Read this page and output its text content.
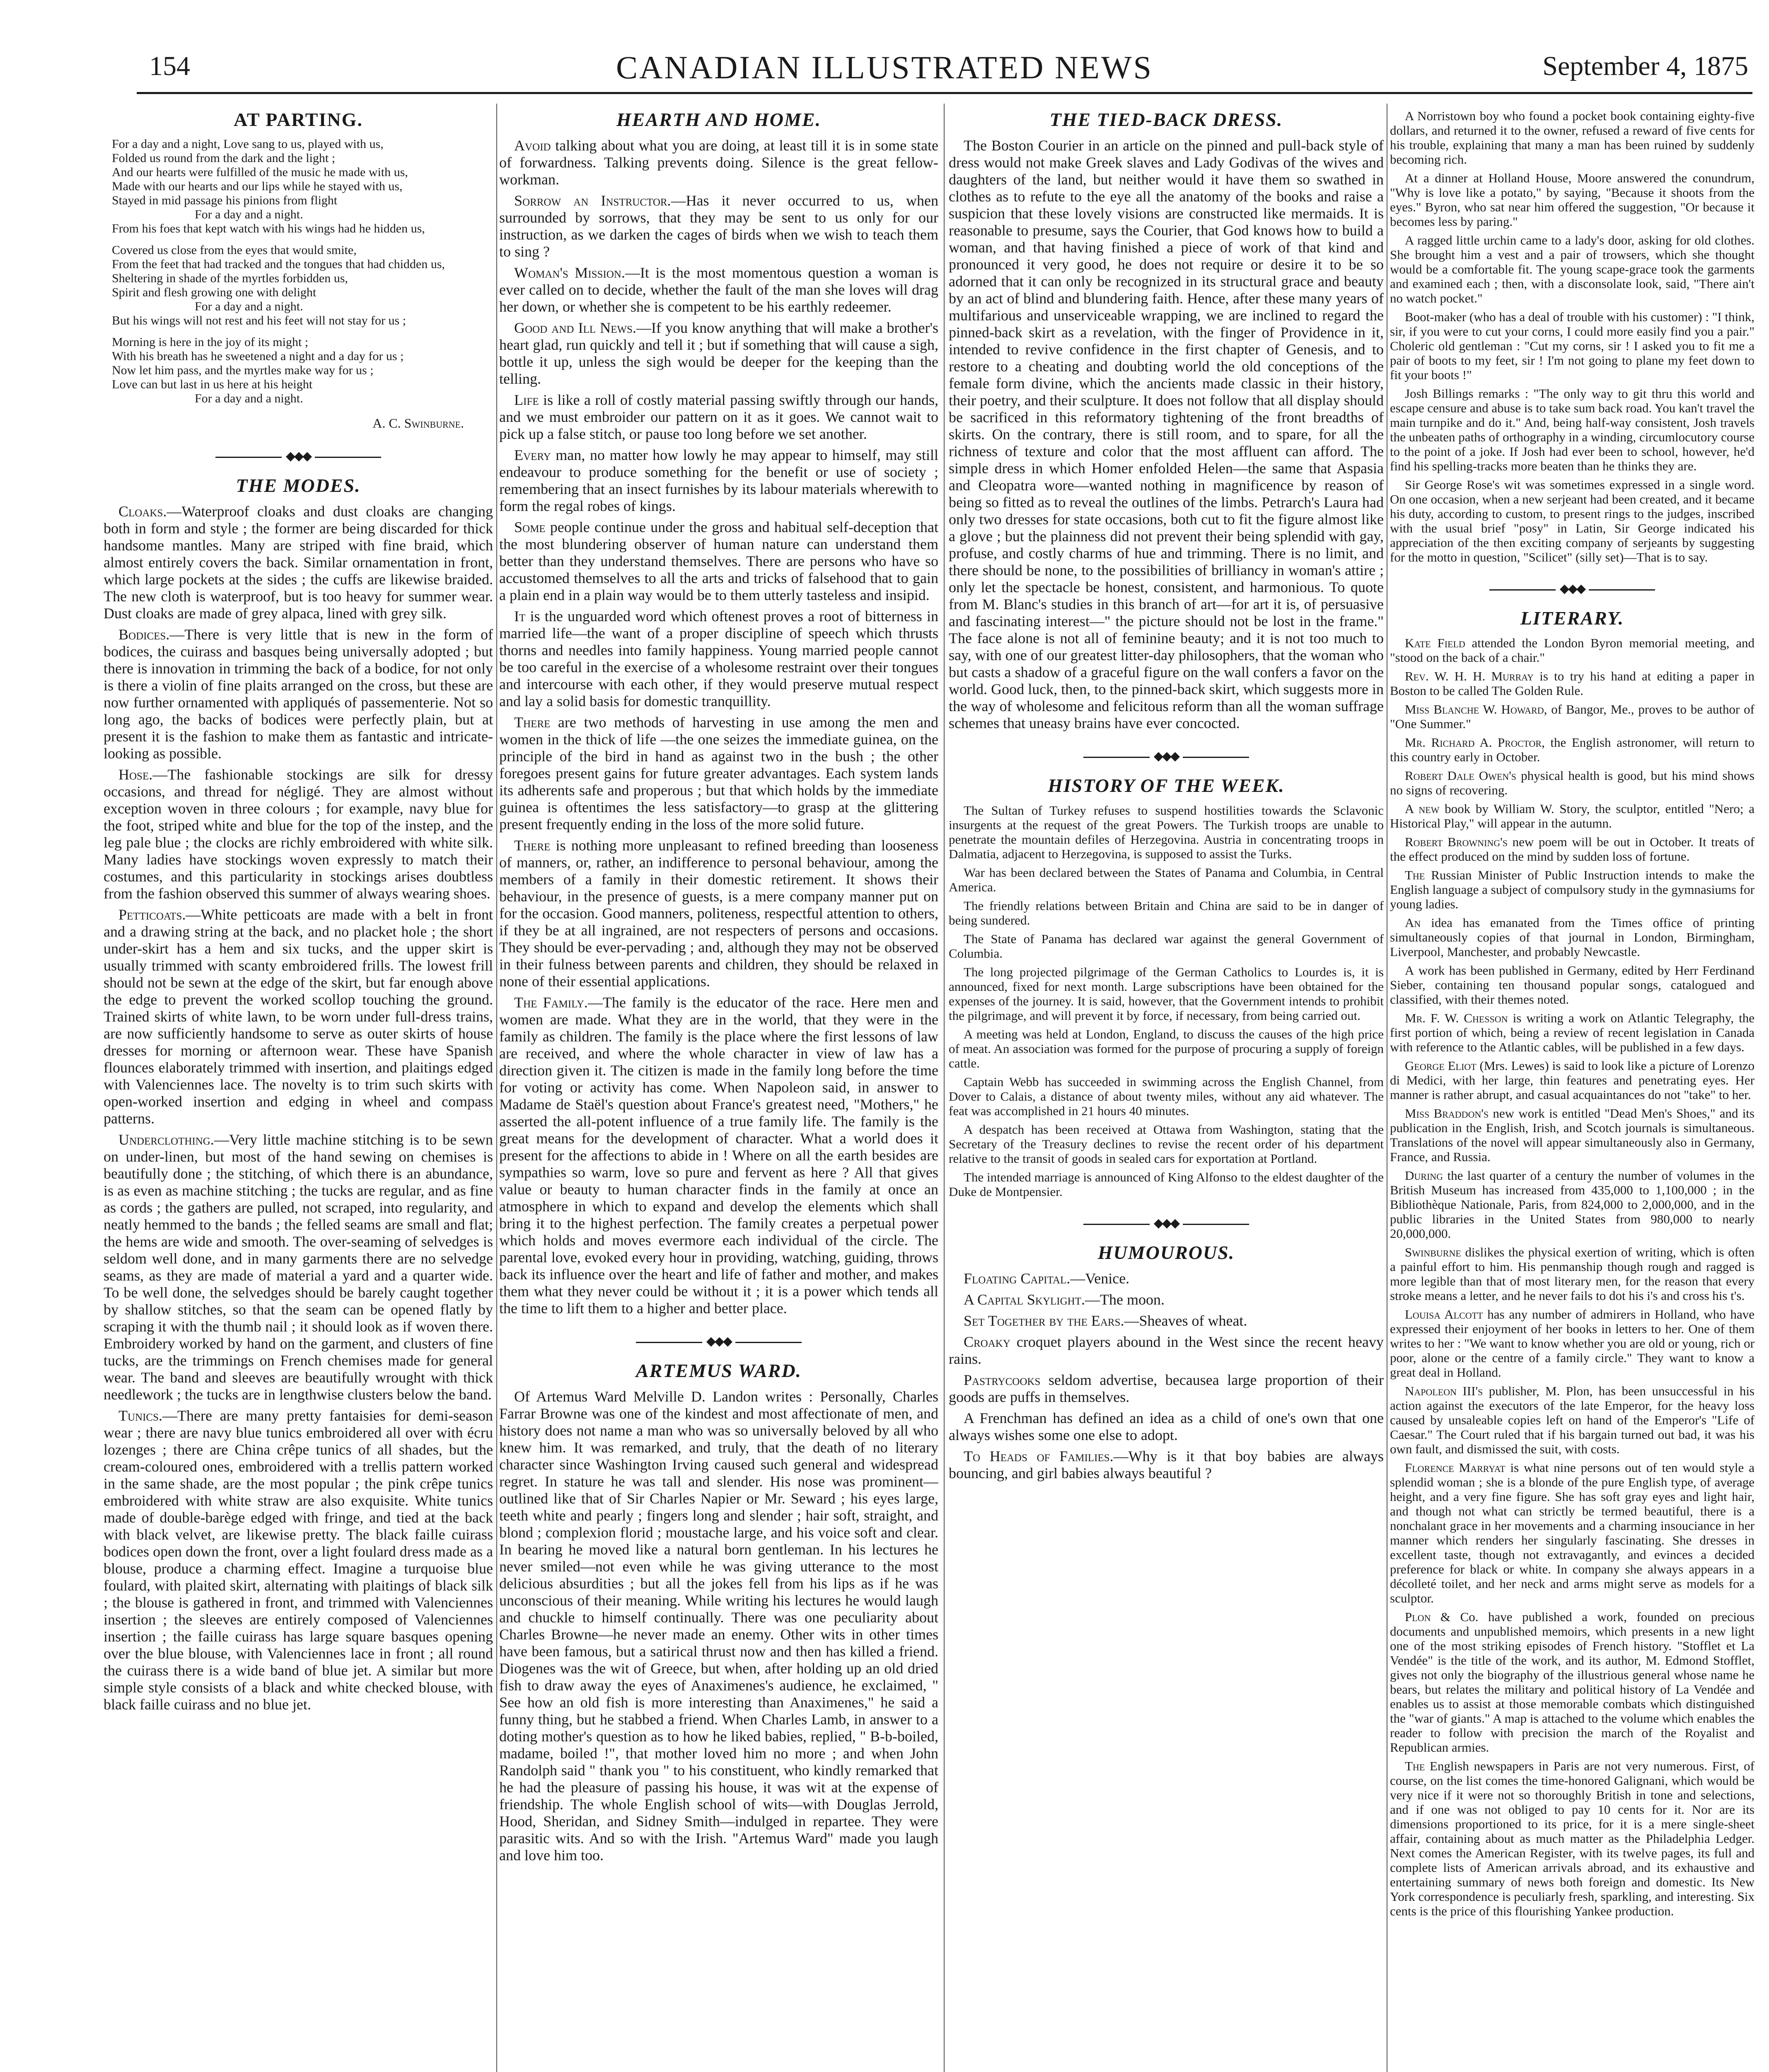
154	CANADIAN ILLUSTRATED NEWS	September 4, 1875
AT PARTING.
For a day and a night, Love sang to us, played with us,
Folded us round from the dark and the light ;
And our hearts were fulfilled of the music he made with us,
Made with our hearts and our lips while he stayed with us,
Stayed in mid passage his pinions from flight
For a day and a night.
From his foes that kept watch with his wings had he hidden us,
Covered us close from the eyes that would smite,
From the feet that had tracked and the tongues that had chidden us,
Sheltering in shade of the myrtles forbidden us,
Spirit and flesh growing one with delight
For a day and a night.
But his wings will not rest and his feet will not stay for us ;
Morning is here in the joy of its might ;
With his breath has he sweetened a night and a day for us ;
Now let him pass, and the myrtles make way for us ;
Love can but last in us here at his height
For a day and a night.
A. C. Swinburne.
◆◆◆
THE MODES.

Cloaks.—Waterproof cloaks and dust cloaks are changing both in form and style ; the former are being discarded for thick handsome mantles. Many are striped with fine braid, which almost entirely covers the back. Similar ornamentation in front, which large pockets at the sides ; the cuffs are likewise braided. The new cloth is waterproof, but is too heavy for summer wear. Dust cloaks are made of grey alpaca, lined with grey silk.

Bodices.—There is very little that is new in the form of bodices, the cuirass and basques being universally adopted ; but there is innovation in trimming the back of a bodice, for not only is there a violin of fine plaits arranged on the cross, but these are now further ornamented with appliqués of passementerie. Not so long ago, the backs of bodices were perfectly plain, but at present it is the fashion to make them as fantastic and intricate-looking as possible.

Hose.—The fashionable stockings are silk for dressy occasions, and thread for négligé. They are almost without exception woven in three colours ; for example, navy blue for the foot, striped white and blue for the top of the instep, and the leg pale blue ; the clocks are richly embroidered with white silk. Many ladies have stockings woven expressly to match their costumes, and this particularity in stockings arises doubtless from the fashion observed this summer of always wearing shoes.

Petticoats.—White petticoats are made with a belt in front and a drawing string at the back, and no placket hole ; the short under-skirt has a hem and six tucks, and the upper skirt is usually trimmed with scanty embroidered frills. The lowest frill should not be sewn at the edge of the skirt, but far enough above the edge to prevent the worked scollop touching the ground. Trained skirts of white lawn, to be worn under full-dress trains, are now sufficiently handsome to serve as outer skirts of house dresses for morning or afternoon wear. These have Spanish flounces elaborately trimmed with insertion, and plaitings edged with Valenciennes lace. The novelty is to trim such skirts with open-worked insertion and edging in wheel and compass patterns.

Underclothing.—Very little machine stitching is to be sewn on under-linen, but most of the hand sewing on chemises is beautifully done ; the stitching, of which there is an abundance, is as even as machine stitching ; the tucks are regular, and as fine as cords ; the gathers are pulled, not scraped, into regularity, and neatly hemmed to the bands ; the felled seams are small and flat; the hems are wide and smooth. The over-seaming of selvedges is seldom well done, and in many garments there are no selvedge seams, as they are made of material a yard and a quarter wide. To be well done, the selvedges should be barely caught together by shallow stitches, so that the seam can be opened flatly by scraping it with the thumb nail ; it should look as if woven there. Embroidery worked by hand on the garment, and clusters of fine tucks, are the trimmings on French chemises made for general wear. The band and sleeves are beautifully wrought with thick needlework ; the tucks are in lengthwise clusters below the band.

Tunics.—There are many pretty fantaisies for demi-season wear ; there are navy blue tunics embroidered all over with écru lozenges ; there are China crêpe tunics of all shades, but the cream-coloured ones, embroidered with a trellis pattern worked in the same shade, are the most popular ; the pink crêpe tunics embroidered with white straw are also exquisite. White tunics made of double-barège edged with fringe, and tied at the back with black velvet, are likewise pretty. The black faille cuirass bodices open down the front, over a light foulard dress made as a blouse, produce a charming effect. Imagine a turquoise blue foulard, with plaited skirt, alternating with plaitings of black silk ; the blouse is gathered in front, and trimmed with Valenciennes insertion ; the sleeves are entirely composed of Valenciennes insertion ; the faille cuirass has large square basques opening over the blue blouse, with Valenciennes lace in front ; all round the cuirass there is a wide band of blue jet. A similar but more simple style consists of a black and white checked blouse, with black faille cuirass and no blue jet.

HEARTH AND HOME.

Avoid talking about what you are doing, at least till it is in some state of forwardness. Talking prevents doing. Silence is the great fellow-workman.

Sorrow an Instructor.—Has it never occurred to us, when surrounded by sorrows, that they may be sent to us only for our instruction, as we darken the cages of birds when we wish to teach them to sing ?

Woman's Mission.—It is the most momentous question a woman is ever called on to decide, whether the fault of the man she loves will drag her down, or whether she is competent to be his earthly redeemer.

Good and Ill News.—If you know anything that will make a brother's heart glad, run quickly and tell it ; but if something that will cause a sigh, bottle it up, unless the sigh would be deeper for the keeping than the telling.

Life is like a roll of costly material passing swiftly through our hands, and we must embroider our pattern on it as it goes. We cannot wait to pick up a false stitch, or pause too long before we set another.

Every man, no matter how lowly he may appear to himself, may still endeavour to produce something for the benefit or use of society ; remembering that an insect furnishes by its labour materials wherewith to form the regal robes of kings.

Some people continue under the gross and habitual self-deception that the most blundering observer of human nature can understand them better than they understand themselves. There are persons who have so accustomed themselves to all the arts and tricks of falsehood that to gain a plain end in a plain way would be to them utterly tasteless and insipid.

It is the unguarded word which oftenest proves a root of bitterness in married life—the want of a proper discipline of speech which thrusts thorns and needles into family happiness. Young married people cannot be too careful in the exercise of a wholesome restraint over their tongues and intercourse with each other, if they would preserve mutual respect and lay a solid basis for domestic tranquillity.

There are two methods of harvesting in use among the men and women in the thick of life —the one seizes the immediate guinea, on the principle of the bird in hand as against two in the bush ; the other foregoes present gains for future greater advantages. Each system lands its adherents safe and properous ; but that which holds by the immediate guinea is oftentimes the less satisfactory—to grasp at the glittering present frequently ending in the loss of the more solid future.

There is nothing more unpleasant to refined breeding than looseness of manners, or, rather, an indifference to personal behaviour, among the members of a family in their domestic retirement. It shows their behaviour, in the presence of guests, is a mere company manner put on for the occasion. Good manners, politeness, respectful attention to others, if they be at all ingrained, are not respecters of persons and occasions. They should be ever-pervading ; and, although they may not be observed in their fulness between parents and children, they should be relaxed in none of their essential applications.

The Family.—The family is the educator of the race. Here men and women are made. What they are in the world, that they were in the family as children. The family is the place where the first lessons of law are received, and where the whole character in view of law has a direction given it. The citizen is made in the family long before the time for voting or activity has come. When Napoleon said, in answer to Madame de Staël's question about France's greatest need, "Mothers," he asserted the all-potent influence of a true family life. The family is the great means for the development of character. What a world does it present for the affections to abide in ! Where on all the earth besides are sympathies so warm, love so pure and fervent as here ? All that gives value or beauty to human character finds in the family at once an atmosphere in which to expand and develop the elements which shall bring it to the highest perfection. The family creates a perpetual power which holds and moves evermore each individual of the circle. The parental love, evoked every hour in providing, watching, guiding, throws back its influence over the heart and life of father and mother, and makes them what they never could be without it ; it is a power which tends all the time to lift them to a higher and better place.

◆◆◆
ARTEMUS WARD.

Of Artemus Ward Melville D. Landon writes : Personally, Charles Farrar Browne was one of the kindest and most affectionate of men, and history does not name a man who was so universally beloved by all who knew him. It was remarked, and truly, that the death of no literary character since Washington Irving caused such general and widespread regret. In stature he was tall and slender. His nose was prominent—outlined like that of Sir Charles Napier or Mr. Seward ; his eyes large, teeth white and pearly ; fingers long and slender ; hair soft, straight, and blond ; complexion florid ; moustache large, and his voice soft and clear. In bearing he moved like a natural born gentleman. In his lectures he never smiled—not even while he was giving utterance to the most delicious absurdities ; but all the jokes fell from his lips as if he was unconscious of their meaning. While writing his lectures he would laugh and chuckle to himself continually. There was one peculiarity about Charles Browne—he never made an enemy. Other wits in other times have been famous, but a satirical thrust now and then has killed a friend. Diogenes was the wit of Greece, but when, after holding up an old dried fish to draw away the eyes of Anaximenes's audience, he exclaimed, " See how an old fish is more interesting than Anaximenes," he said a funny thing, but he stabbed a friend. When Charles Lamb, in answer to a doting mother's question as to how he liked babies, replied, " B-b-boiled, madame, boiled !", that mother loved him no more ; and when John Randolph said " thank you " to his constituent, who kindly remarked that he had the pleasure of passing his house, it was wit at the expense of friendship. The whole English school of wits—with Douglas Jerrold, Hood, Sheridan, and Sidney Smith—indulged in repartee. They were parasitic wits. And so with the Irish. "Artemus Ward" made you laugh and love him too.

THE TIED-BACK DRESS.

The Boston Courier in an article on the pinned and pull-back style of dress would not make Greek slaves and Lady Godivas of the wives and daughters of the land, but neither would it have them so swathed in clothes as to refute to the eye all the anatomy of the books and raise a suspicion that these lovely visions are constructed like mermaids. It is reasonable to presume, says the Courier, that God knows how to build a woman, and that having finished a piece of work of that kind and pronounced it very good, he does not require or desire it to be so adorned that it can only be recognized in its structural grace and beauty by an act of blind and blundering faith. Hence, after these many years of multifarious and unserviceable wrapping, we are inclined to regard the pinned-back skirt as a revelation, with the finger of Providence in it, intended to revive confidence in the first chapter of Genesis, and to restore to a cheating and doubting world the old conceptions of the female form divine, which the ancients made classic in their history, their poetry, and their sculpture. It does not follow that all display should be sacrificed in this reformatory tightening of the front breadths of skirts. On the contrary, there is still room, and to spare, for all the richness of texture and color that the most affluent can afford. The simple dress in which Homer enfolded Helen—the same that Aspasia and Cleopatra wore—wanted nothing in magnificence by reason of being so fitted as to reveal the outlines of the limbs. Petrarch's Laura had only two dresses for state occasions, both cut to fit the figure almost like a glove ; but the plainness did not prevent their being splendid with gay, profuse, and costly charms of hue and trimming. There is no limit, and there should be none, to the possibilities of brilliancy in woman's attire ; only let the spectacle be honest, consistent, and harmonious. To quote from M. Blanc's studies in this branch of art—for art it is, of persuasive and fascinating interest—" the picture should not be lost in the frame." The face alone is not all of feminine beauty; and it is not too much to say, with one of our greatest litter-day philosophers, that the woman who but casts a shadow of a graceful figure on the wall confers a favor on the world. Good luck, then, to the pinned-back skirt, which suggests more in the way of wholesome and felicitous reform than all the woman suffrage schemes that uneasy brains have ever concocted.

◆◆◆
HISTORY OF THE WEEK.

The Sultan of Turkey refuses to suspend hostilities towards the Sclavonic insurgents at the request of the great Powers. The Turkish troops are unable to penetrate the mountain defiles of Herzegovina. Austria in concentrating troops in Dalmatia, adjacent to Herzegovina, is supposed to assist the Turks.

War has been declared between the States of Panama and Columbia, in Central America.

The friendly relations between Britain and China are said to be in danger of being sundered.

The State of Panama has declared war against the general Government of Columbia.

The long projected pilgrimage of the German Catholics to Lourdes is, it is announced, fixed for next month. Large subscriptions have been obtained for the expenses of the journey. It is said, however, that the Government intends to prohibit the pilgrimage, and will prevent it by force, if necessary, from being carried out.

A meeting was held at London, England, to discuss the causes of the high price of meat. An association was formed for the purpose of procuring a supply of foreign cattle.

Captain Webb has succeeded in swimming across the English Channel, from Dover to Calais, a distance of about twenty miles, without any aid whatever. The feat was accomplished in 21 hours 40 minutes.

A despatch has been received at Ottawa from Washington, stating that the Secretary of the Treasury declines to revise the recent order of his department relative to the transit of goods in sealed cars for exportation at Portland.

The intended marriage is announced of King Alfonso to the eldest daughter of the Duke de Montpensier.

◆◆◆
HUMOUROUS.

Floating Capital.—Venice.

A Capital Skylight.—The moon.

Set Together by the Ears.—Sheaves of wheat.

Croaky croquet players abound in the West since the recent heavy rains.

Pastrycooks seldom advertise, becausea large proportion of their goods are puffs in themselves.

A Frenchman has defined an idea as a child of one's own that one always wishes some one else to adopt.

To Heads of Families.—Why is it that boy babies are always bouncing, and girl babies always beautiful ?

A Norristown boy who found a pocket book containing eighty-five dollars, and returned it to the owner, refused a reward of five cents for his trouble, explaining that many a man has been ruined by suddenly becoming rich.

At a dinner at Holland House, Moore answered the conundrum, "Why is love like a potato," by saying, "Because it shoots from the eyes." Byron, who sat near him offered the suggestion, "Or because it becomes less by paring."

A ragged little urchin came to a lady's door, asking for old clothes. She brought him a vest and a pair of trowsers, which she thought would be a comfortable fit. The young scape-grace took the garments and examined each ; then, with a disconsolate look, said, "There ain't no watch pocket."

Boot-maker (who has a deal of trouble with his customer) : "I think, sir, if you were to cut your corns, I could more easily find you a pair." Choleric old gentleman : "Cut my corns, sir ! I asked you to fit me a pair of boots to my feet, sir ! I'm not going to plane my feet down to fit your boots !"

Josh Billings remarks : "The only way to git thru this world and escape censure and abuse is to take sum back road. You kan't travel the main turnpike and do it." And, being half-way consistent, Josh travels the unbeaten paths of orthography in a winding, circumlocutory course to the point of a joke. If Josh had ever been to school, however, he'd find his spelling-tracks more beaten than he thinks they are.

Sir George Rose's wit was sometimes expressed in a single word. On one occasion, when a new serjeant had been created, and it became his duty, according to custom, to present rings to the judges, inscribed with the usual brief "posy" in Latin, Sir George indicated his appreciation of the then exciting company of serjeants by suggesting for the motto in question, "Scilicet" (silly set)—That is to say.

◆◆◆
LITERARY.

Kate Field attended the London Byron memorial meeting, and "stood on the back of a chair."

Rev. W. H. H. Murray is to try his hand at editing a paper in Boston to be called The Golden Rule.

Miss Blanche W. Howard, of Bangor, Me., proves to be author of "One Summer."

Mr. Richard A. Proctor, the English astronomer, will return to this country early in October.

Robert Dale Owen's physical health is good, but his mind shows no signs of recovering.

A new book by William W. Story, the sculptor, entitled "Nero; a Historical Play," will appear in the autumn.

Robert Browning's new poem will be out in October. It treats of the effect produced on the mind by sudden loss of fortune.

The Russian Minister of Public Instruction intends to make the English language a subject of compulsory study in the gymnasiums for young ladies.

An idea has emanated from the Times office of printing simultaneously copies of that journal in London, Birmingham, Liverpool, Manchester, and probably Newcastle.

A work has been published in Germany, edited by Herr Ferdinand Sieber, containing ten thousand popular songs, catalogued and classified, with their themes noted.

Mr. F. W. Chesson is writing a work on Atlantic Telegraphy, the first portion of which, being a review of recent legislation in Canada with reference to the Atlantic cables, will be published in a few days.

George Eliot (Mrs. Lewes) is said to look like a picture of Lorenzo di Medici, with her large, thin features and penetrating eyes. Her manner is rather abrupt, and casual acquaintances do not "take" to her.

Miss Braddon's new work is entitled "Dead Men's Shoes," and its publication in the English, Irish, and Scotch journals is simultaneous. Translations of the novel will appear simultaneously also in Germany, France, and Russia.

During the last quarter of a century the number of volumes in the British Museum has increased from 435,000 to 1,100,000 ; in the Bibliothèque Nationale, Paris, from 824,000 to 2,000,000, and in the public libraries in the United States from 980,000 to nearly 20,000,000.

Swinburne dislikes the physical exertion of writing, which is often a painful effort to him. His penmanship though rough and ragged is more legible than that of most literary men, for the reason that every stroke means a letter, and he never fails to dot his i's and cross his t's.

Louisa Alcott has any number of admirers in Holland, who have expressed their enjoyment of her books in letters to her. One of them writes to her : "We want to know whether you are old or young, rich or poor, alone or the centre of a family circle." They want to know a great deal in Holland.

Napoleon III's publisher, M. Plon, has been unsuccessful in his action against the executors of the late Emperor, for the heavy loss caused by unsaleable copies left on hand of the Emperor's "Life of Caesar." The Court ruled that if his bargain turned out bad, it was his own fault, and dismissed the suit, with costs.

Florence Marryat is what nine persons out of ten would style a splendid woman ; she is a blonde of the pure English type, of average height, and a very fine figure. She has soft gray eyes and light hair, and though not what can strictly be termed beautiful, there is a nonchalant grace in her movements and a charming insouciance in her manner which renders her singularly fascinating. She dresses in excellent taste, though not extravagantly, and evinces a decided preference for black or white. In company she always appears in a décolleté toilet, and her neck and arms might serve as models for a sculptor.

Plon & Co. have published a work, founded on precious documents and unpublished memoirs, which presents in a new light one of the most striking episodes of French history. "Stofflet et La Vendée" is the title of the work, and its author, M. Edmond Stofflet, gives not only the biography of the illustrious general whose name he bears, but relates the military and political history of La Vendée and enables us to assist at those memorable combats which distinguished the "war of giants." A map is attached to the volume which enables the reader to follow with precision the march of the Royalist and Republican armies.

The English newspapers in Paris are not very numerous. First, of course, on the list comes the time-honored Galignani, which would be very nice if it were not so thoroughly British in tone and selections, and if one was not obliged to pay 10 cents for it. Nor are its dimensions proportioned to its price, for it is a mere single-sheet affair, containing about as much matter as the Philadelphia Ledger. Next comes the American Register, with its twelve pages, its full and complete lists of American arrivals abroad, and its exhaustive and entertaining summary of news both foreign and domestic. Its New York correspondence is peculiarly fresh, sparkling, and interesting. Six cents is the price of this flourishing Yankee production.
